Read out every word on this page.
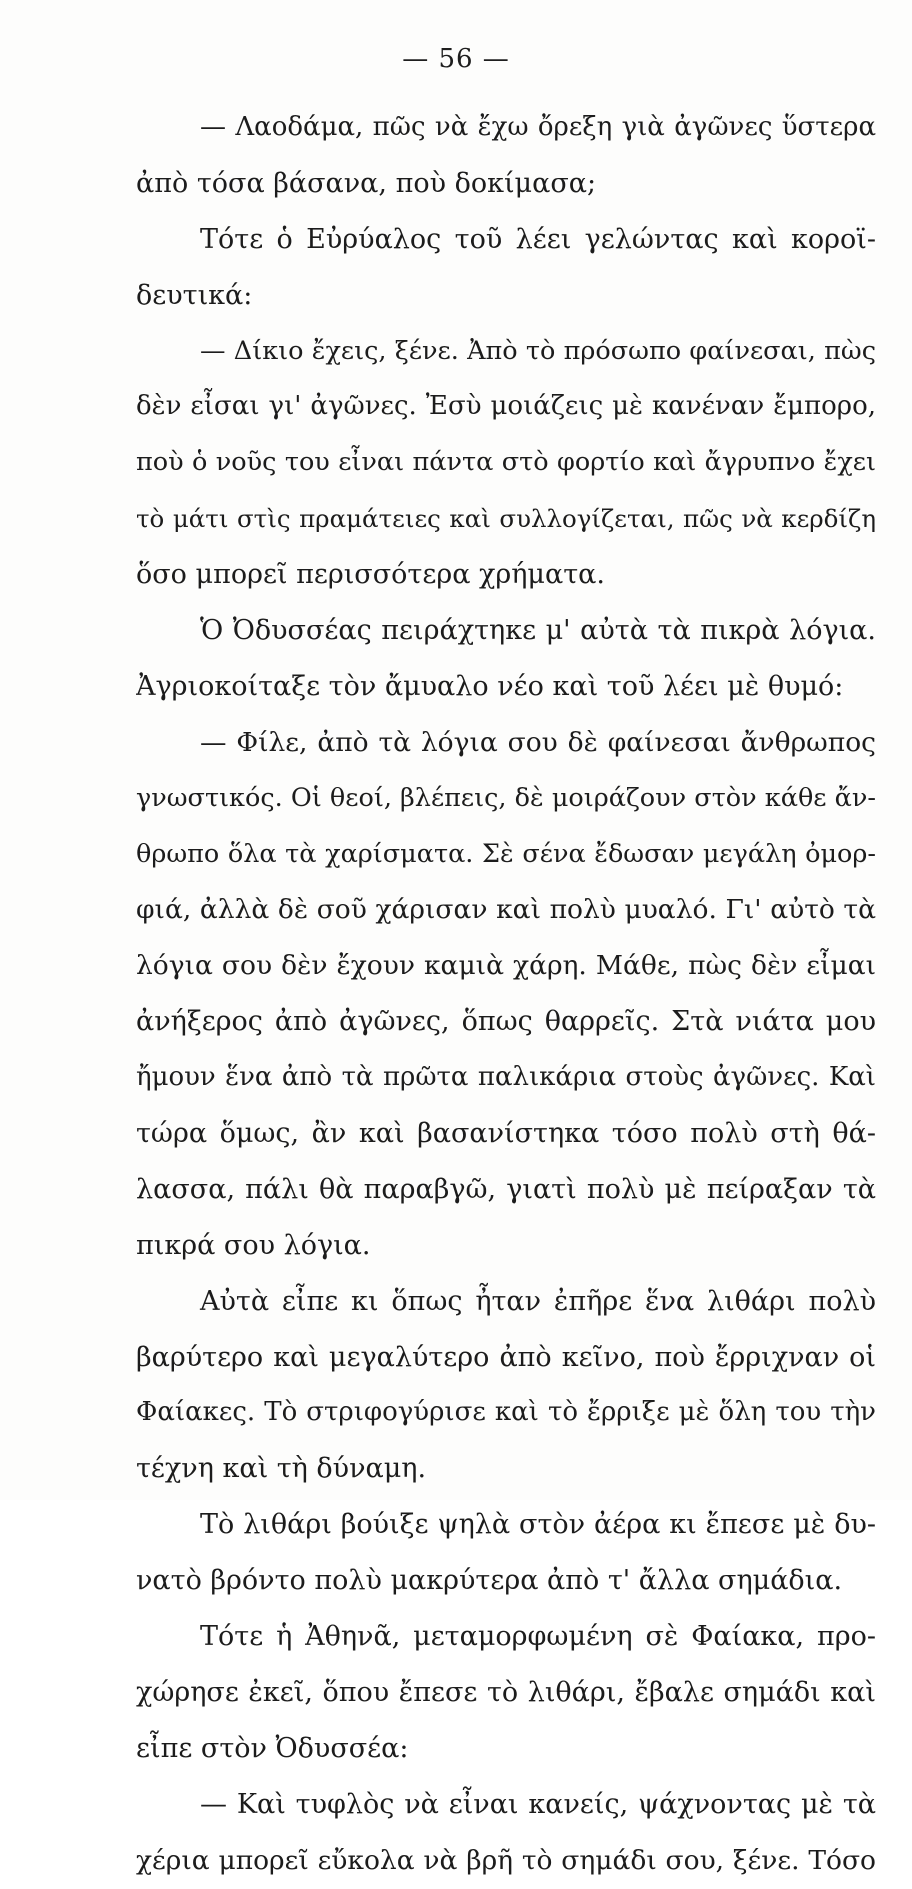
— 56 —
— Λαοδάμα, πῶς νὰ ἔχω ὄρεξη γιὰ ἀγῶνες ὕστερα
ἀπὸ τόσα βάσανα, ποὺ δοκίμασα;
Τότε ὁ Εὐρύαλος τοῦ λέει γελώντας καὶ κοροϊ-
δευτικά:
— Δίκιο ἔχεις, ξένε. Ἀπὸ τὸ πρόσωπο φαίνεσαι, πὼς
δὲν εἶσαι γι' ἀγῶνες. Ἐσὺ μοιάζεις μὲ κανέναν ἔμπορο,
ποὺ ὁ νοῦς του εἶναι πάντα στὸ φορτίο καὶ ἄγρυπνο ἔχει
τὸ μάτι στὶς πραμάτειες καὶ συλλογίζεται, πῶς νὰ κερδίζη
ὅσο μπορεῖ περισσότερα χρήματα.
Ὁ Ὀδυσσέας πειράχτηκε μ' αὐτὰ τὰ πικρὰ λόγια.
Ἀγριοκοίταξε τὸν ἄμυαλο νέο καὶ τοῦ λέει μὲ θυμό:
— Φίλε, ἀπὸ τὰ λόγια σου δὲ φαίνεσαι ἄνθρωπος
γνωστικός. Οἱ θεοί, βλέπεις, δὲ μοιράζουν στὸν κάθε ἄν-
θρωπο ὅλα τὰ χαρίσματα. Σὲ σένα ἔδωσαν μεγάλη ὀμορ-
φιά, ἀλλὰ δὲ σοῦ χάρισαν καὶ πολὺ μυαλό. Γι' αὐτὸ τὰ
λόγια σου δὲν ἔχουν καμιὰ χάρη. Μάθε, πὼς δὲν εἶμαι
ἀνήξερος ἀπὸ ἀγῶνες, ὅπως θαρρεῖς. Στὰ νιάτα μου
ἤμουν ἕνα ἀπὸ τὰ πρῶτα παλικάρια στοὺς ἀγῶνες. Καὶ
τώρα ὅμως, ἂν καὶ βασανίστηκα τόσο πολὺ στὴ θά-
λασσα, πάλι θὰ παραβγῶ, γιατὶ πολὺ μὲ πείραξαν τὰ
πικρά σου λόγια.
Αὐτὰ εἶπε κι ὅπως ἦταν ἐπῆρε ἕνα λιθάρι πολὺ
βαρύτερο καὶ μεγαλύτερο ἀπὸ κεῖνο, ποὺ ἔρριχναν οἱ
Φαίακες. Τὸ στριφογύρισε καὶ τὸ ἔρριξε μὲ ὅλη του τὴν
τέχνη καὶ τὴ δύναμη.
Τὸ λιθάρι βούιξε ψηλὰ στὸν ἀέρα κι ἔπεσε μὲ δυ-
νατὸ βρόντο πολὺ μακρύτερα ἀπὸ τ' ἄλλα σημάδια.
Τότε ἡ Ἀθηνᾶ, μεταμορφωμένη σὲ Φαίακα, προ-
χώρησε ἐκεῖ, ὅπου ἔπεσε τὸ λιθάρι, ἔβαλε σημάδι καὶ
εἶπε στὸν Ὀδυσσέα:
— Καὶ τυφλὸς νὰ εἶναι κανείς, ψάχνοντας μὲ τὰ
χέρια μπορεῖ εὔκολα νὰ βρῆ τὸ σημάδι σου, ξένε. Τόσο
